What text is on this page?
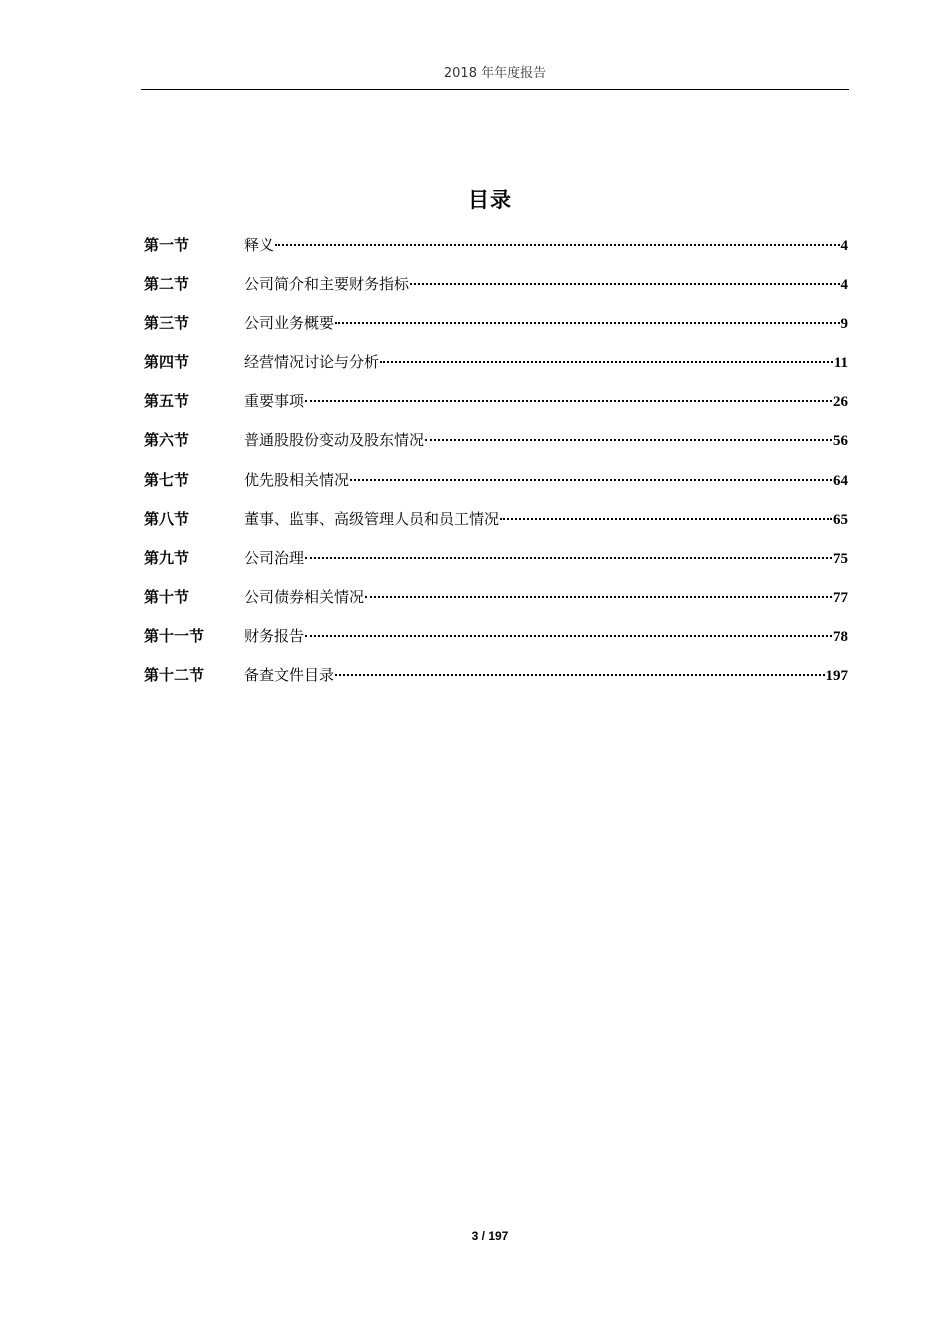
2018 年年度报告
目录
第一节	释义	4
第二节	公司简介和主要财务指标	4
第三节	公司业务概要	9
第四节	经营情况讨论与分析	11
第五节	重要事项	26
第六节	普通股股份变动及股东情况	56
第七节	优先股相关情况	64
第八节	董事、监事、高级管理人员和员工情况	65
第九节	公司治理	75
第十节	公司债券相关情况	77
第十一节	财务报告	78
第十二节	备查文件目录	197
3 / 197
